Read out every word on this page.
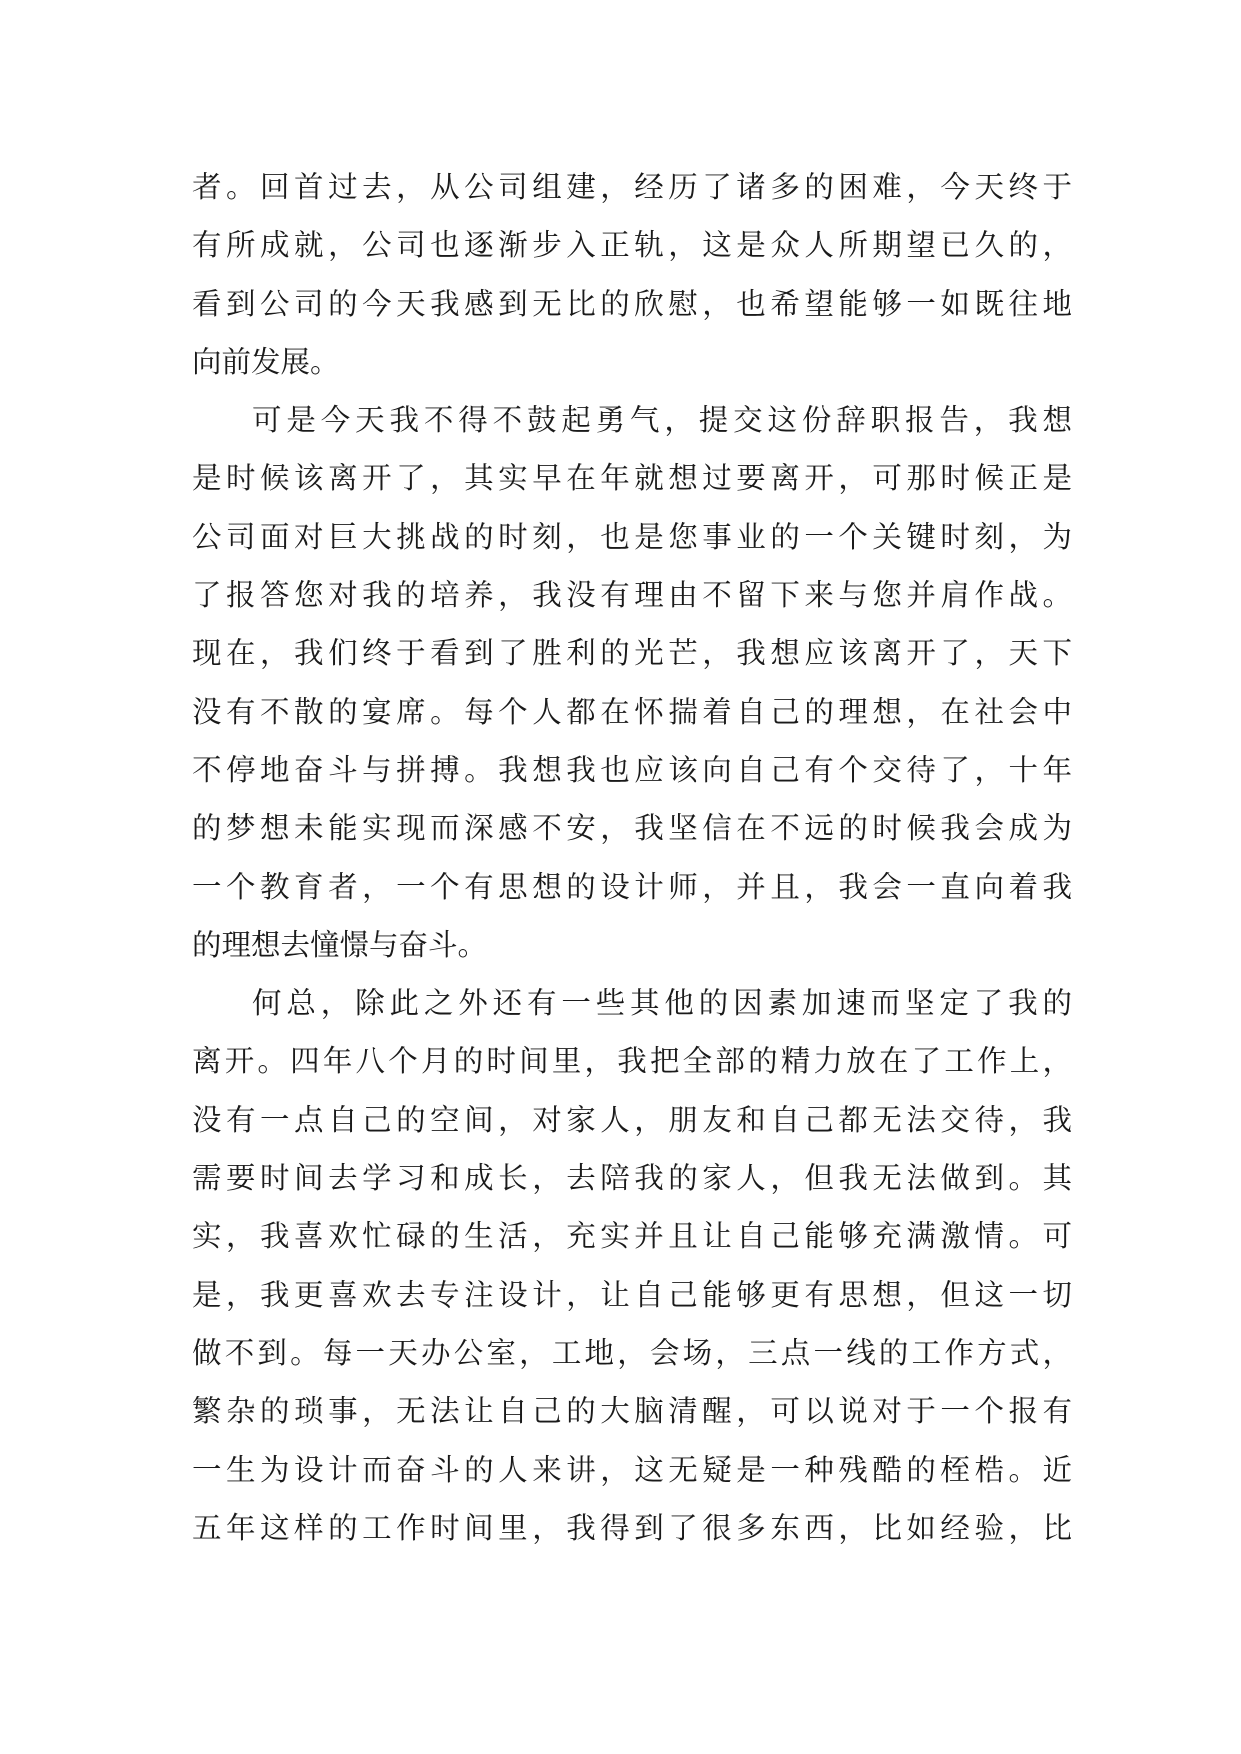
者。回首过去，从公司组建，经历了诸多的困难，今天终于
有所成就，公司也逐渐步入正轨，这是众人所期望已久的，
看到公司的今天我感到无比的欣慰，也希望能够一如既往地
向前发展。
可是今天我不得不鼓起勇气，提交这份辞职报告，我想
是时候该离开了，其实早在年就想过要离开，可那时候正是
公司面对巨大挑战的时刻，也是您事业的一个关键时刻，为
了报答您对我的培养，我没有理由不留下来与您并肩作战。
现在，我们终于看到了胜利的光芒，我想应该离开了，天下
没有不散的宴席。每个人都在怀揣着自己的理想，在社会中
不停地奋斗与拼搏。我想我也应该向自己有个交待了，十年
的梦想未能实现而深感不安，我坚信在不远的时候我会成为
一个教育者，一个有思想的设计师，并且，我会一直向着我
的理想去憧憬与奋斗。
何总，除此之外还有一些其他的因素加速而坚定了我的
离开。四年八个月的时间里，我把全部的精力放在了工作上，
没有一点自己的空间，对家人，朋友和自己都无法交待，我
需要时间去学习和成长，去陪我的家人，但我无法做到。其
实，我喜欢忙碌的生活，充实并且让自己能够充满激情。可
是，我更喜欢去专注设计，让自己能够更有思想，但这一切
做不到。每一天办公室，工地，会场，三点一线的工作方式，
繁杂的琐事，无法让自己的大脑清醒，可以说对于一个报有
一生为设计而奋斗的人来讲，这无疑是一种残酷的桎梏。近
五年这样的工作时间里，我得到了很多东西，比如经验，比
